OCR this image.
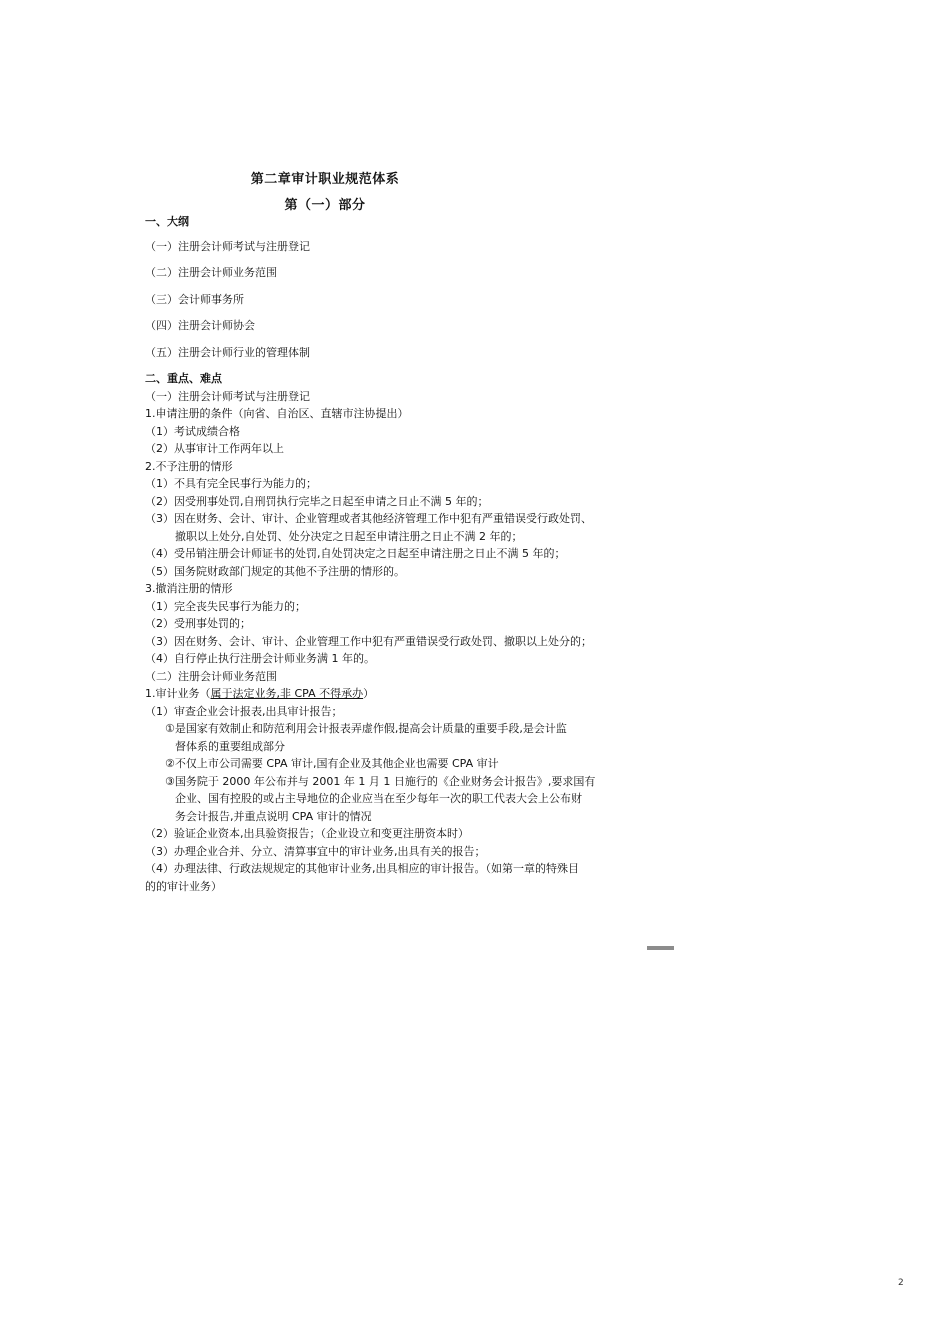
第二章审计职业规范体系
第（一）部分
一、大纲
（一）注册会计师考试与注册登记
（二）注册会计师业务范围
（三）会计师事务所
（四）注册会计师协会
（五）注册会计师行业的管理体制
二、重点、难点
（一）注册会计师考试与注册登记
1.申请注册的条件（向省、自治区、直辖市注协提出）
（1）考试成绩合格
（2）从事审计工作两年以上
2.不予注册的情形
（1）不具有完全民事行为能力的；
（2）因受刑事处罚,自刑罚执行完毕之日起至申请之日止不满 5 年的；
（3）因在财务、会计、审计、企业管理或者其他经济管理工作中犯有严重错误受行政处罚、
撤职以上处分,自处罚、处分决定之日起至申请注册之日止不满 2 年的；
（4）受吊销注册会计师证书的处罚,自处罚决定之日起至申请注册之日止不满 5 年的；
（5）国务院财政部门规定的其他不予注册的情形的。
3.撤消注册的情形
（1）完全丧失民事行为能力的；
（2）受刑事处罚的；
（3）因在财务、会计、审计、企业管理工作中犯有严重错误受行政处罚、撤职以上处分的；
（4）自行停止执行注册会计师业务满 1 年的。
（二）注册会计师业务范围
1.审计业务（属于法定业务,非 CPA 不得承办）
（1）审查企业会计报表,出具审计报告；
①是国家有效制止和防范利用会计报表弄虚作假,提高会计质量的重要手段,是会计监
督体系的重要组成部分
②不仅上市公司需要 CPA 审计,国有企业及其他企业也需要 CPA 审计
③国务院于 2000 年公布并与 2001 年 1 月 1 日施行的《企业财务会计报告》,要求国有
企业、国有控股的或占主导地位的企业应当在至少每年一次的职工代表大会上公布财
务会计报告,并重点说明 CPA 审计的情况
（2）验证企业资本,出具验资报告；（企业设立和变更注册资本时）
（3）办理企业合并、分立、清算事宜中的审计业务,出具有关的报告；
（4）办理法律、行政法规规定的其他审计业务,出具相应的审计报告。（如第一章的特殊目
的的审计业务）
2
